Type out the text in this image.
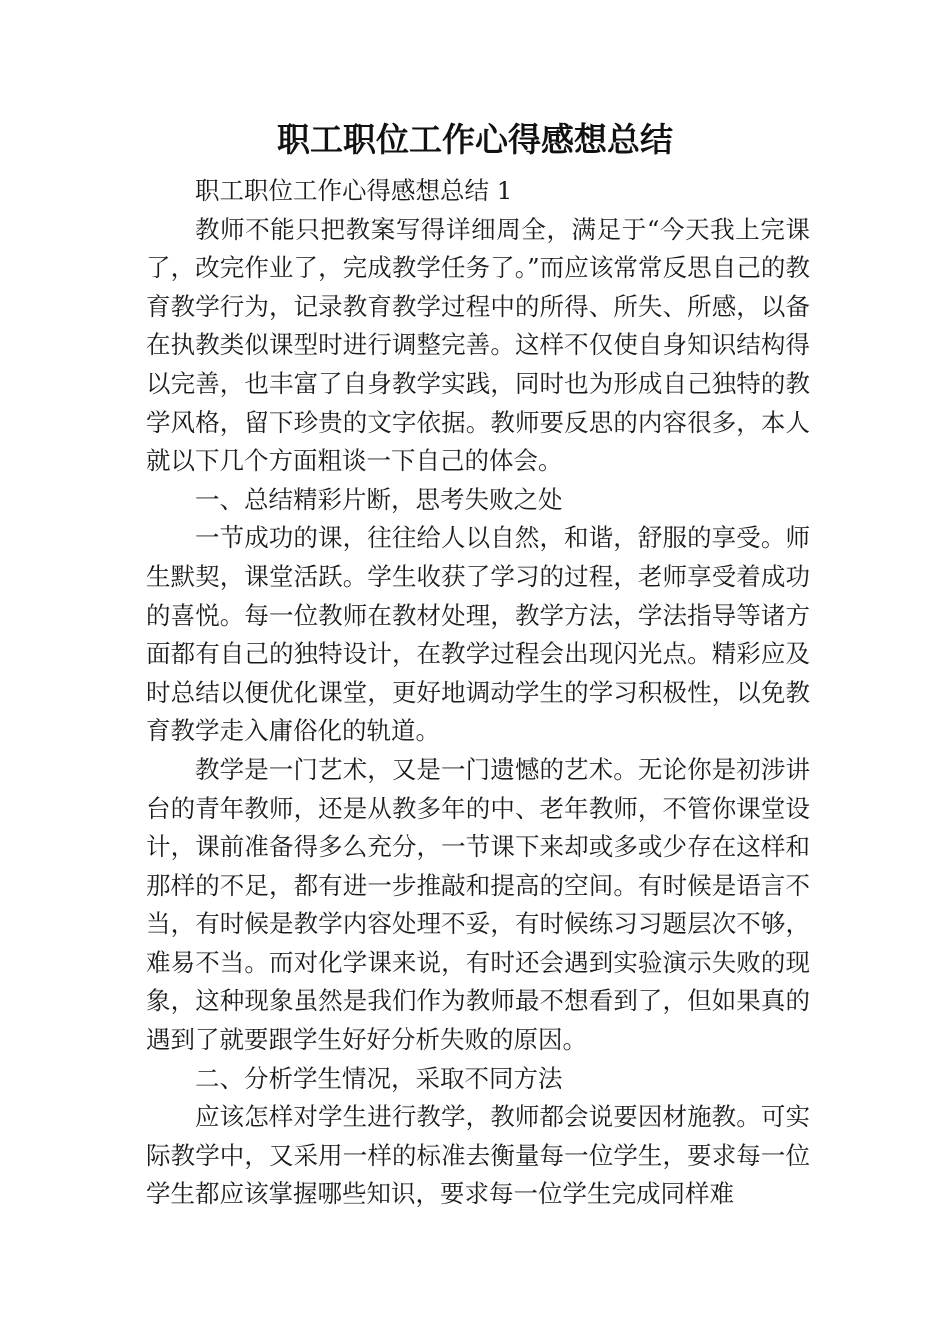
职工职位工作心得感想总结

职工职位工作心得感想总结 1

教师不能只把教案写得详细周全，满足于“今天我上完课了，改完作业了，完成教学任务了。”而应该常常反思自己的教育教学行为，记录教育教学过程中的所得、所失、所感，以备在执教类似课型时进行调整完善。这样不仅使自身知识结构得以完善，也丰富了自身教学实践，同时也为形成自己独特的教学风格，留下珍贵的文字依据。教师要反思的内容很多，本人就以下几个方面粗谈一下自己的体会。

一、总结精彩片断，思考失败之处

一节成功的课，往往给人以自然，和谐，舒服的享受。师生默契，课堂活跃。学生收获了学习的过程，老师享受着成功的喜悦。每一位教师在教材处理，教学方法，学法指导等诸方面都有自己的独特设计，在教学过程会出现闪光点。精彩应及时总结以便优化课堂，更好地调动学生的学习积极性，以免教育教学走入庸俗化的轨道。

教学是一门艺术，又是一门遗憾的艺术。无论你是初涉讲台的青年教师，还是从教多年的中、老年教师，不管你课堂设计，课前准备得多么充分，一节课下来却或多或少存在这样和那样的不足，都有进一步推敲和提高的空间。有时候是语言不当，有时候是教学内容处理不妥，有时候练习习题层次不够，难易不当。而对化学课来说，有时还会遇到实验演示失败的现象，这种现象虽然是我们作为教师最不想看到了，但如果真的遇到了就要跟学生好好分析失败的原因。

二、分析学生情况，采取不同方法

应该怎样对学生进行教学，教师都会说要因材施教。可实际教学中，又采用一样的标准去衡量每一位学生，要求每一位学生都应该掌握哪些知识，要求每一位学生完成同样难
